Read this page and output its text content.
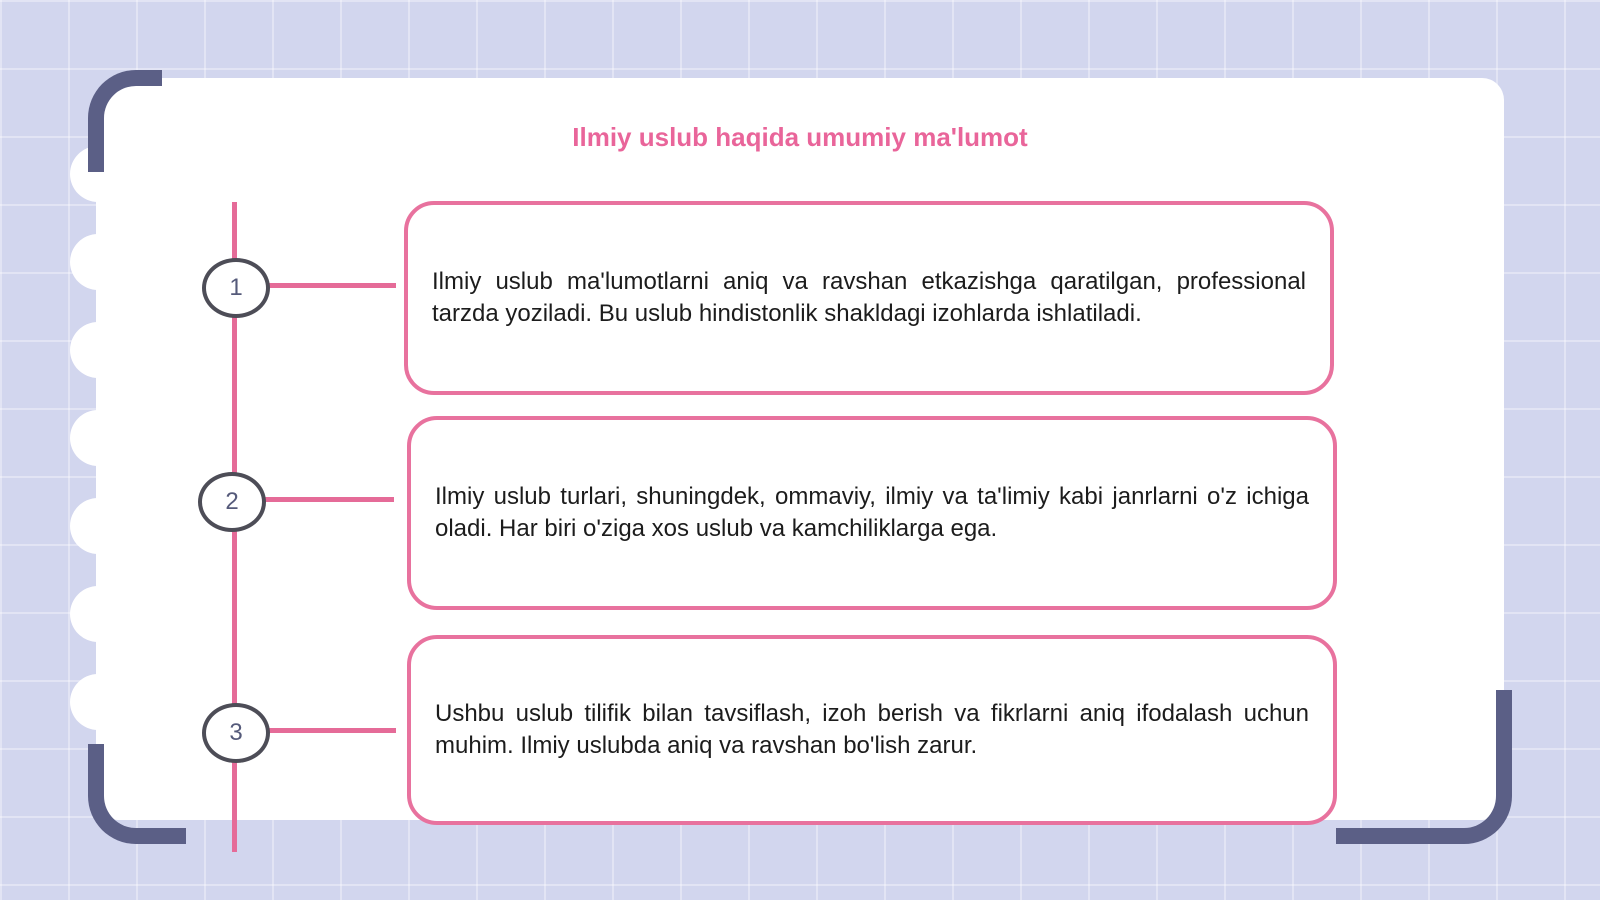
Ilmiy uslub haqida umumiy ma'lumot
1
2
3
Ilmiy uslub ma'lumotlarni aniq va ravshan etkazishga qaratilgan, professional tarzda yoziladi. Bu uslub hindistonlik shakldagi izohlarda ishlatiladi.
Ilmiy uslub turlari, shuningdek, ommaviy, ilmiy va ta'limiy kabi janrlarni o'z ichiga oladi. Har biri o'ziga xos uslub va kamchiliklarga ega.
Ushbu uslub tilifik bilan tavsiflash, izoh berish va fikrlarni aniq ifodalash uchun muhim. Ilmiy uslubda aniq va ravshan bo'lish zarur.
